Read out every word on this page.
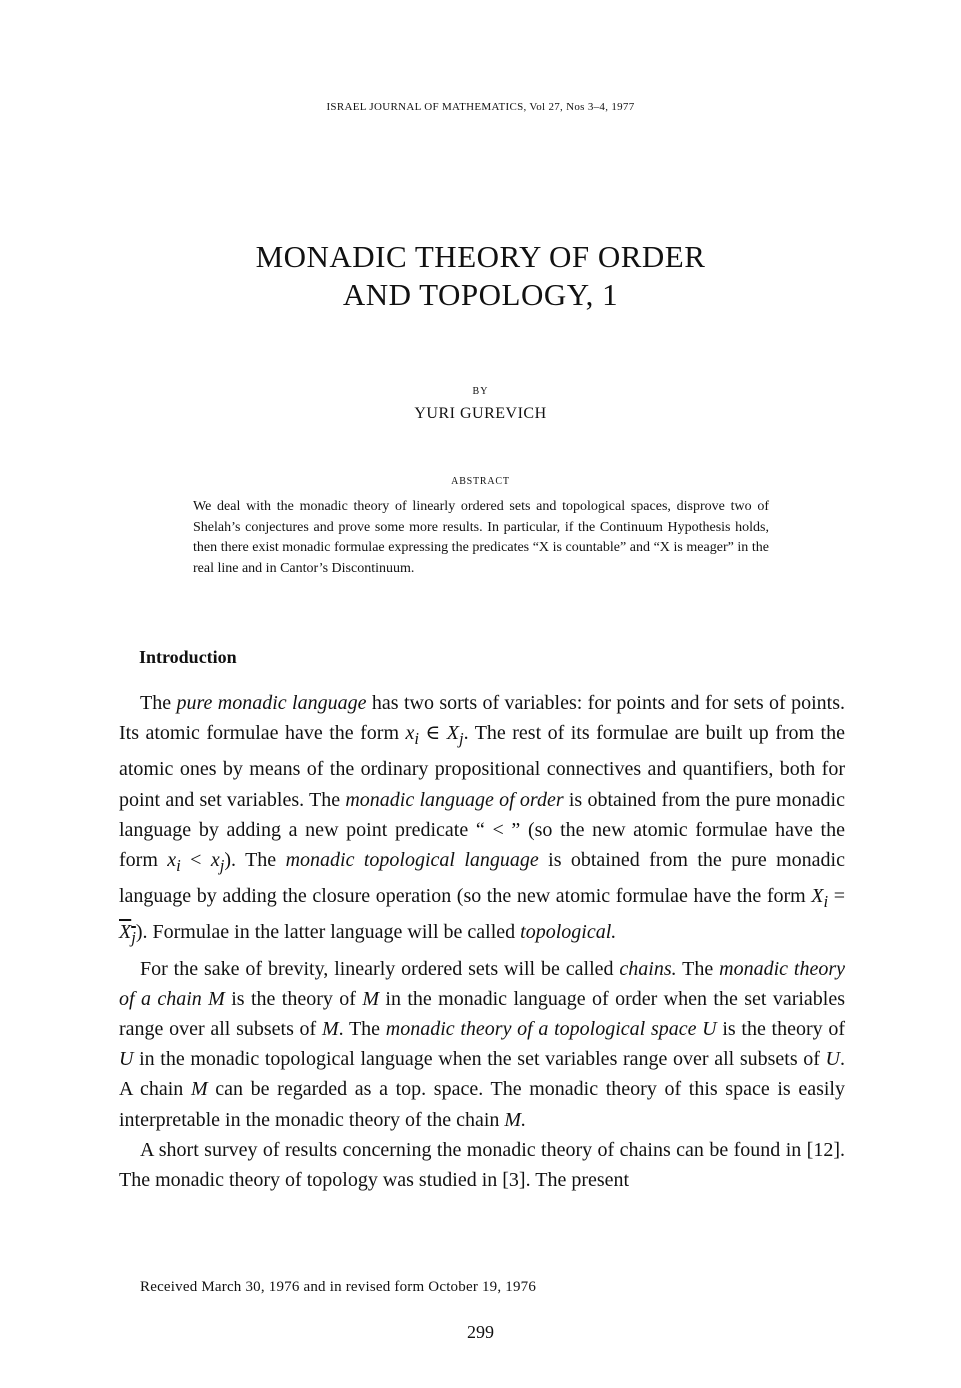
ISRAEL JOURNAL OF MATHEMATICS, Vol 27, Nos 3–4, 1977
MONADIC THEORY OF ORDER
AND TOPOLOGY, 1
BY
YURI GUREVICH
ABSTRACT
We deal with the monadic theory of linearly ordered sets and topological spaces, disprove two of Shelah’s conjectures and prove some more results. In particular, if the Continuum Hypothesis holds, then there exist monadic formulae expressing the predicates “X is countable” and “X is meager” in the real line and in Cantor’s Discontinuum.
Introduction

The pure monadic language has two sorts of variables: for points and for sets of points. Its atomic formulae have the form $x_i$ ∈ $X_j$. The rest of its formulae are built up from the atomic ones by means of the ordinary propositional connectives and quantifiers, both for point and set variables. The monadic language of order is obtained from the pure monadic language by adding a new point predicate “ < ” (so the new atomic formulae have the form $x_i < x_j$). The monadic topological language is obtained from the pure monadic language by adding the closure operation (so the new atomic formulae have the form $X_i = X_j$). Formulae in the latter language will be called topological.

For the sake of brevity, linearly ordered sets will be called chains. The monadic theory of a chain M is the theory of M in the monadic language of order when the set variables range over all subsets of M. The monadic theory of a topological space U is the theory of U in the monadic topological language when the set variables range over all subsets of U. A chain M can be regarded as a top. space. The monadic theory of this space is easily interpretable in the monadic theory of the chain M.

A short survey of results concerning the monadic theory of chains can be found in [12]. The monadic theory of topology was studied in [3]. The present

Received March 30, 1976 and in revised form October 19, 1976
299
